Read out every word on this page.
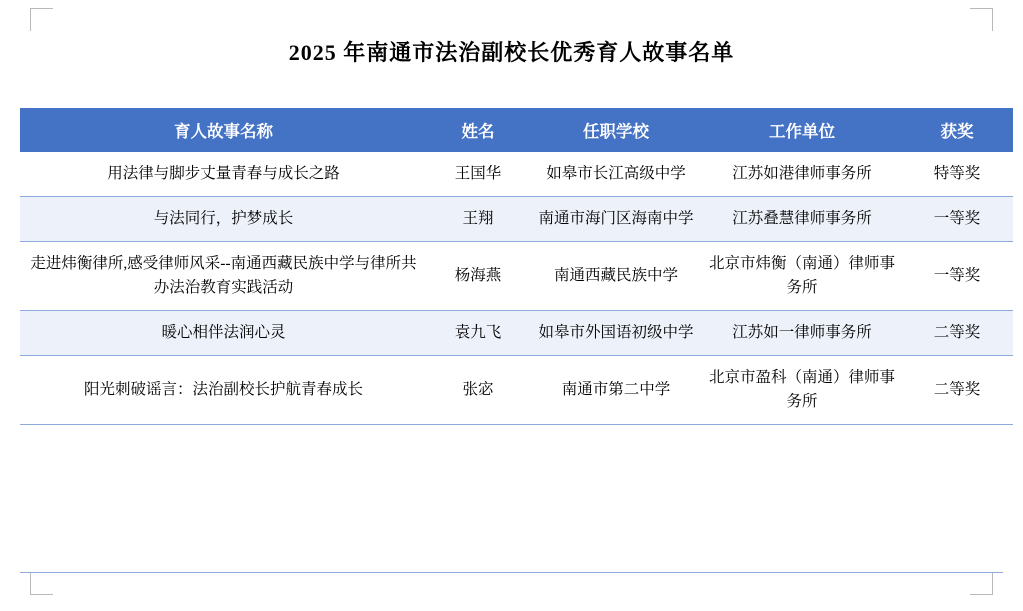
2025 年南通市法治副校长优秀育人故事名单
育人故事名称	姓名	任职学校	工作单位	获奖
用法律与脚步丈量青春与成长之路	王国华	如皋市长江高级中学	江苏如港律师事务所	特等奖
与法同行，护梦成长	王翔	南通市海门区海南中学	江苏叠慧律师事务所	一等奖
走进炜衡律所,感受律师风采--南通西藏民族中学与律所共办法治教育实践活动	杨海燕	南通西藏民族中学	北京市炜衡（南通）律师事务所	一等奖
暖心相伴法润心灵	袁九飞	如皋市外国语初级中学	江苏如一律师事务所	二等奖
阳光刺破谣言：法治副校长护航青春成长	张宓	南通市第二中学	北京市盈科（南通）律师事务所	二等奖
